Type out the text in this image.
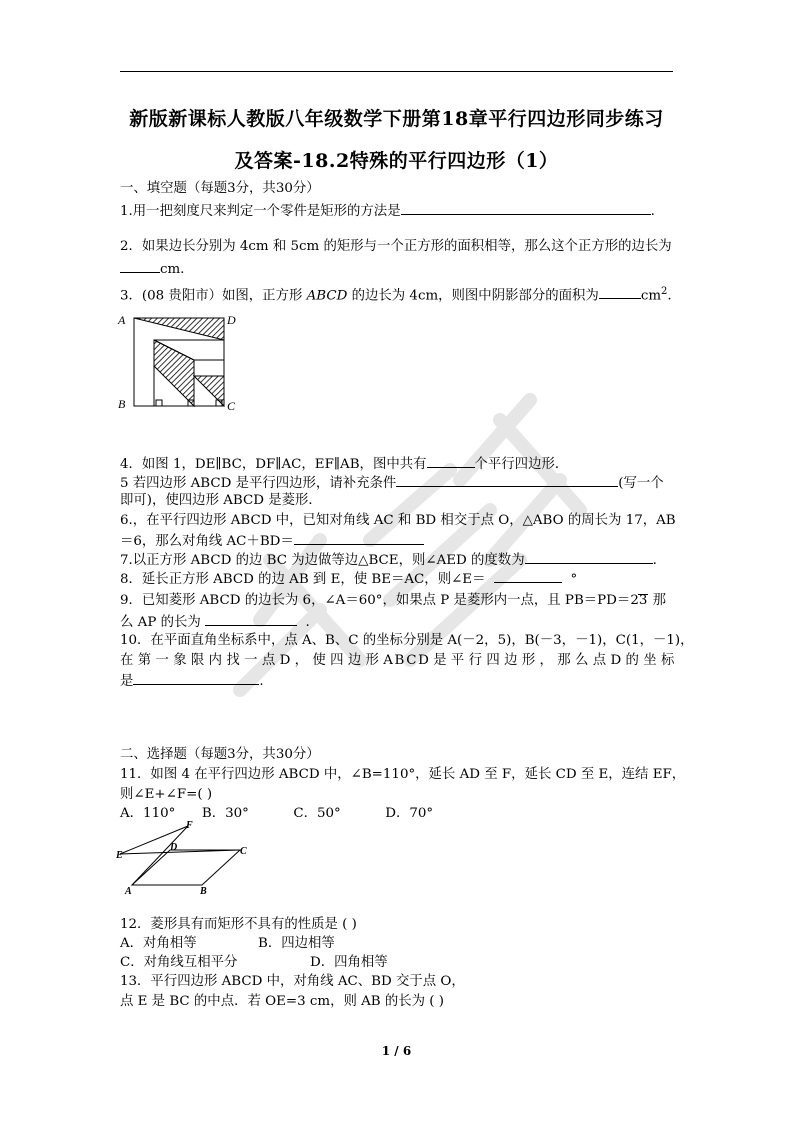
新版新课标人教版八年级数学下册第18章平行四边形同步练习
及答案-18.2特殊的平行四边形（1）
一、填空题（每题3分，共30分）
1.用一把刻度尺来判定一个零件是矩形的方法是	.
2．如果边长分别为 4cm 和 5cm 的矩形与一个正方形的面积相等，那么这个正方形的边长为
cm．
3．(08 贵阳市）如图，正方形 ABCD 的边长为 4cm，则图中阴影部分的面积为	$cm^2$.
A	D
B	C
4．如图 1，DE∥BC，DF∥AC，EF∥AB，图中共有	个平行四边形．
5 若四边形 ABCD 是平行四边形，请补充条件	(写一个
即可)，使四边形 ABCD 是菱形．
6.，在平行四边形 ABCD 中，已知对角线 AC 和 BD 相交于点 O，△ABO 的周长为 17，AB
＝6，那么对角线 AC＋BD＝
7.以正方形 ABCD 的边 BC 为边做等边△BCE，则∠AED 的度数为	.
8．延长正方形 ABCD 的边 AB 到 E，使 BE＝AC，则∠E＝	°
9．已知菱形 ABCD 的边长为 6，∠A＝60°，如果点 P 是菱形内一点，且 PB＝PD＝23 那
么 AP 的长为	.
10．在平面直角坐标系中，点 A、B、C 的坐标分别是 A(－2，5)，B(－3，－1)，C(1，－1)，
在第一象限内找一点D，使四边形ABCD是平行四边形，那么点D的坐标
是	.
二、选择题（每题3分，共30分）
11．如图 4 在平行四边形 ABCD 中，∠B=110°，延长 AD 至 F，延长 CD 至 E，连结 EF，
则∠E+∠F=( )
A．110° B．30°	C．50°	D．70°
F
D
E	C
A	B
12．菱形具有而矩形不具有的性质是 ( )
A．对角相等	B．四边相等
C．对角线互相平分	D．四角相等
13．平行四边形 ABCD 中，对角线 AC、BD 交于点 O，
点 E 是 BC 的中点．若 OE=3 cm，则 AB 的长为 ( )
1 / 6
